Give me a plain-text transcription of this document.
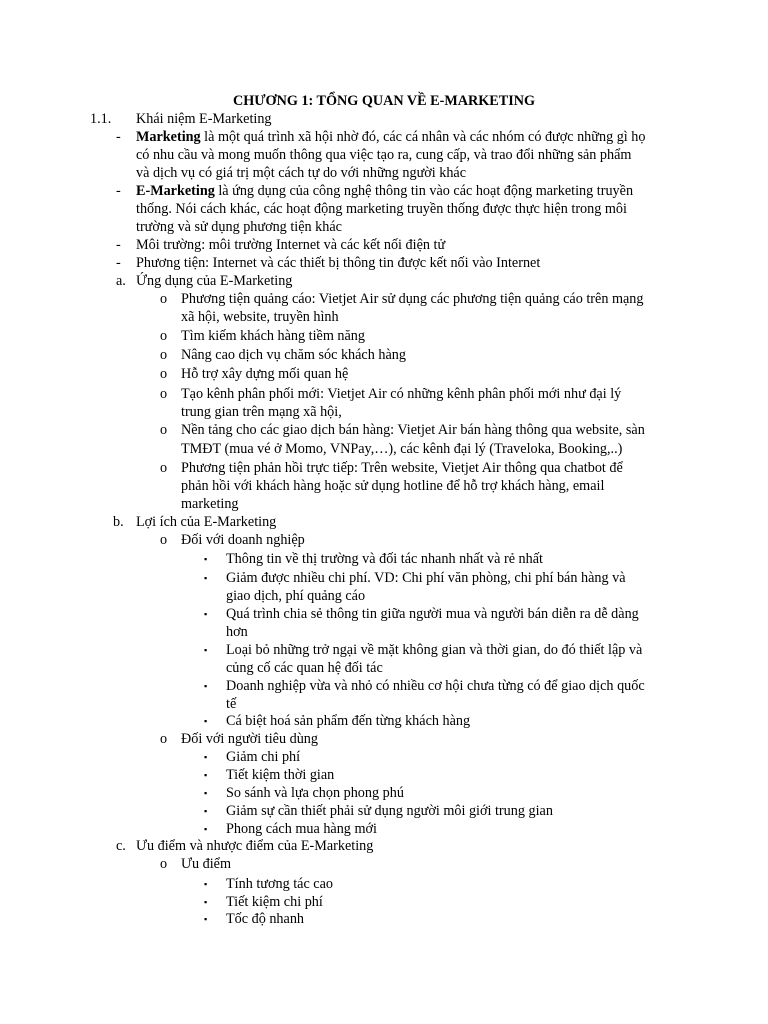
CHƯƠNG 1: TỔNG QUAN VỀ E-MARKETING
1.1. Khái niệm E-Marketing
- Marketing là một quá trình xã hội nhờ đó, các cá nhân và các nhóm có được những gì họ
có nhu cầu và mong muốn thông qua việc tạo ra, cung cấp, và trao đổi những sản phẩm
và dịch vụ có giá trị một cách tự do với những người khác
- E-Marketing là ứng dụng của công nghệ thông tin vào các hoạt động marketing truyền
thống. Nói cách khác, các hoạt động marketing truyền thống được thực hiện trong môi
trường và sử dụng phương tiện khác
- Môi trường: môi trường Internet và các kết nối điện tử
- Phương tiện: Internet và các thiết bị thông tin được kết nối vào Internet
a. Ứng dụng của E-Marketing
o Phương tiện quảng cáo: Vietjet Air sử dụng các phương tiện quảng cáo trên mạng
xã hội, website, truyền hình
o Tìm kiếm khách hàng tiềm năng
o Nâng cao dịch vụ chăm sóc khách hàng
o Hỗ trợ xây dựng mối quan hệ
o Tạo kênh phân phối mới: Vietjet Air có những kênh phân phối mới như đại lý
trung gian trên mạng xã hội,
o Nền tảng cho các giao dịch bán hàng: Vietjet Air bán hàng thông qua website, sàn
TMĐT (mua vé ở Momo, VNPay,…), các kênh đại lý (Traveloka, Booking,..)
o Phương tiện phản hồi trực tiếp: Trên website, Vietjet Air thông qua chatbot để
phản hồi với khách hàng hoặc sử dụng hotline để hỗ trợ khách hàng, email
marketing
b. Lợi ích của E-Marketing
o Đối với doanh nghiệp
▪ Thông tin về thị trường và đối tác nhanh nhất và rẻ nhất
▪ Giảm được nhiều chi phí. VD: Chi phí văn phòng, chi phí bán hàng và
giao dịch, phí quảng cáo
▪ Quá trình chia sẻ thông tin giữa người mua và người bán diễn ra dễ dàng
hơn
▪ Loại bỏ những trở ngại về mặt không gian và thời gian, do đó thiết lập và
củng cố các quan hệ đối tác
▪ Doanh nghiệp vừa và nhỏ có nhiều cơ hội chưa từng có để giao dịch quốc
tế
▪ Cá biệt hoá sản phẩm đến từng khách hàng
o Đối với người tiêu dùng
▪ Giảm chi phí
▪ Tiết kiệm thời gian
▪ So sánh và lựa chọn phong phú
▪ Giảm sự cần thiết phải sử dụng người môi giới trung gian
▪ Phong cách mua hàng mới
c. Ưu điểm và nhược điểm của E-Marketing
o Ưu điểm
▪ Tính tương tác cao
▪ Tiết kiệm chi phí
▪ Tốc độ nhanh
